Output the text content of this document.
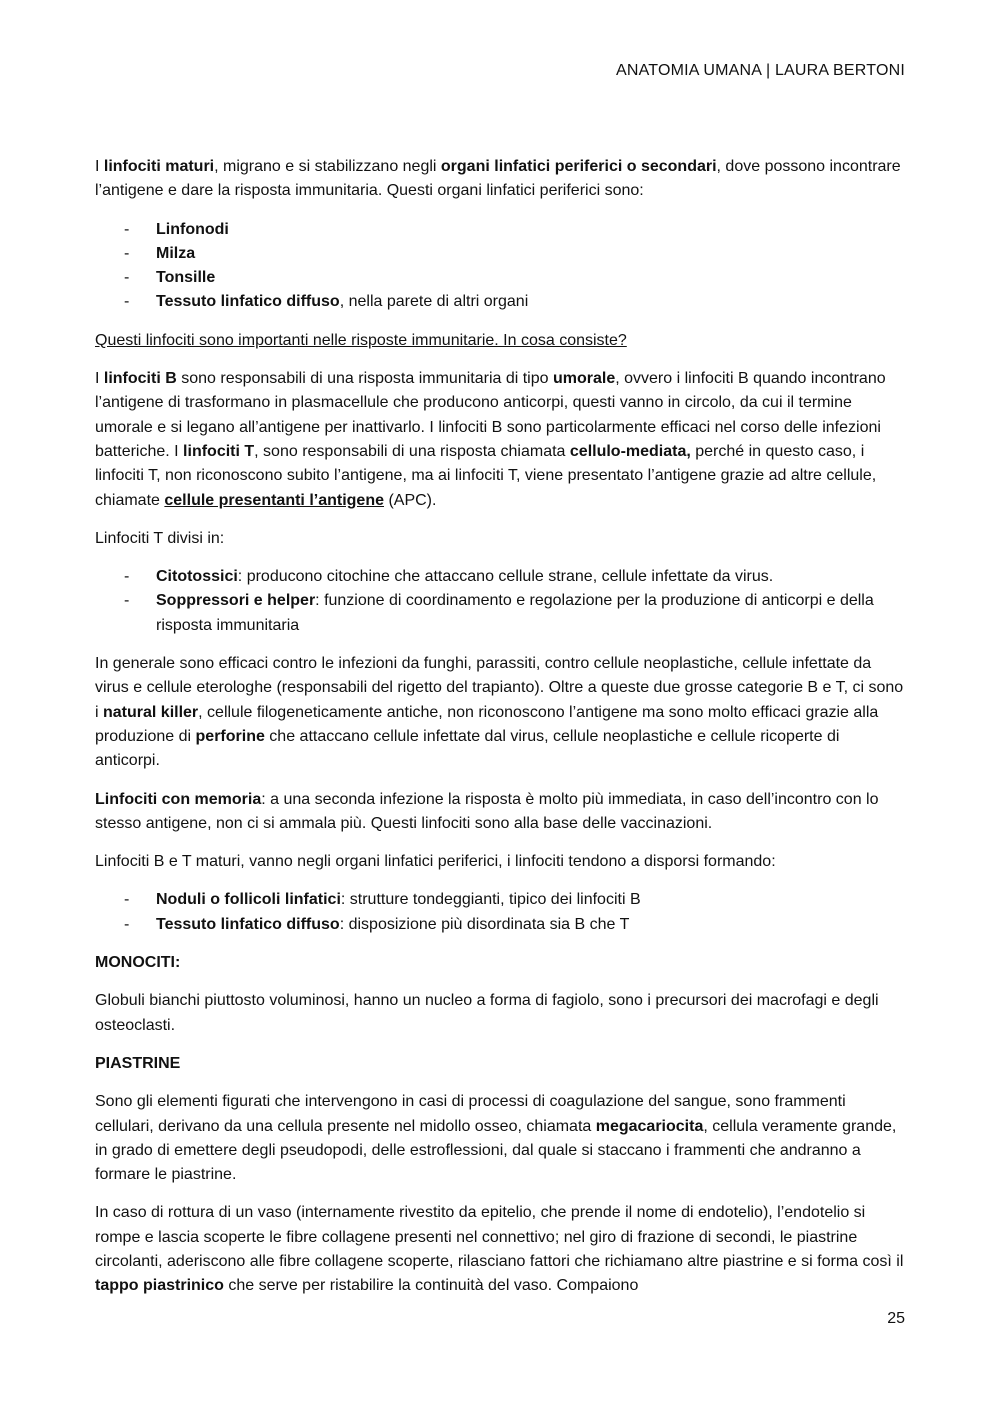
ANATOMIA UMANA | LAURA BERTONI

I linfociti maturi, migrano e si stabilizzano negli organi linfatici periferici o secondari, dove possono incontrare l’antigene e dare la risposta immunitaria. Questi organi linfatici periferici sono:

- Linfonodi
- Milza
- Tonsille
- Tessuto linfatico diffuso, nella parete di altri organi

Questi linfociti sono importanti nelle risposte immunitarie. In cosa consiste?

I linfociti B sono responsabili di una risposta immunitaria di tipo umorale, ovvero i linfociti B quando incontrano l’antigene di trasformano in plasmacellule che producono anticorpi, questi vanno in circolo, da cui il termine umorale e si legano all’antigene per inattivarlo. I linfociti B sono particolarmente efficaci nel corso delle infezioni batteriche. I linfociti T, sono responsabili di una risposta chiamata cellulo-mediata, perché in questo caso, i linfociti T, non riconoscono subito l’antigene, ma ai linfociti T, viene presentato l’antigene grazie ad altre cellule, chiamate cellule presentanti l’antigene (APC).

Linfociti T divisi in:

- Citotossici: producono citochine che attaccano cellule strane, cellule infettate da virus.
- Soppressori e helper: funzione di coordinamento e regolazione per la produzione di anticorpi e della risposta immunitaria

In generale sono efficaci contro le infezioni da funghi, parassiti, contro cellule neoplastiche, cellule infettate da virus e cellule eterologhe (responsabili del rigetto del trapianto). Oltre a queste due grosse categorie B e T, ci sono i natural killer, cellule filogeneticamente antiche, non riconoscono l’antigene ma sono molto efficaci grazie alla produzione di perforine che attaccano cellule infettate dal virus, cellule neoplastiche e cellule ricoperte di anticorpi.

Linfociti con memoria: a una seconda infezione la risposta è molto più immediata, in caso dell’incontro con lo stesso antigene, non ci si ammala più. Questi linfociti sono alla base delle vaccinazioni.

Linfociti B e T maturi, vanno negli organi linfatici periferici, i linfociti tendono a disporsi formando:

- Noduli o follicoli linfatici: strutture tondeggianti, tipico dei linfociti B
- Tessuto linfatico diffuso: disposizione più disordinata sia B che T

MONOCITI:

Globuli bianchi piuttosto voluminosi, hanno un nucleo a forma di fagiolo, sono i precursori dei macrofagi e degli osteoclasti.

PIASTRINE

Sono gli elementi figurati che intervengono in casi di processi di coagulazione del sangue, sono frammenti cellulari, derivano da una cellula presente nel midollo osseo, chiamata megacariocita, cellula veramente grande, in grado di emettere degli pseudopodi, delle estroflessioni, dal quale si staccano i frammenti che andranno a formare le piastrine.

In caso di rottura di un vaso (internamente rivestito da epitelio, che prende il nome di endotelio), l’endotelio si rompe e lascia scoperte le fibre collagene presenti nel connettivo; nel giro di frazione di secondi, le piastrine circolanti, aderiscono alle fibre collagene scoperte, rilasciano fattori che richiamano altre piastrine e si forma così il tappo piastrinico che serve per ristabilire la continuità del vaso. Compaiono

25
